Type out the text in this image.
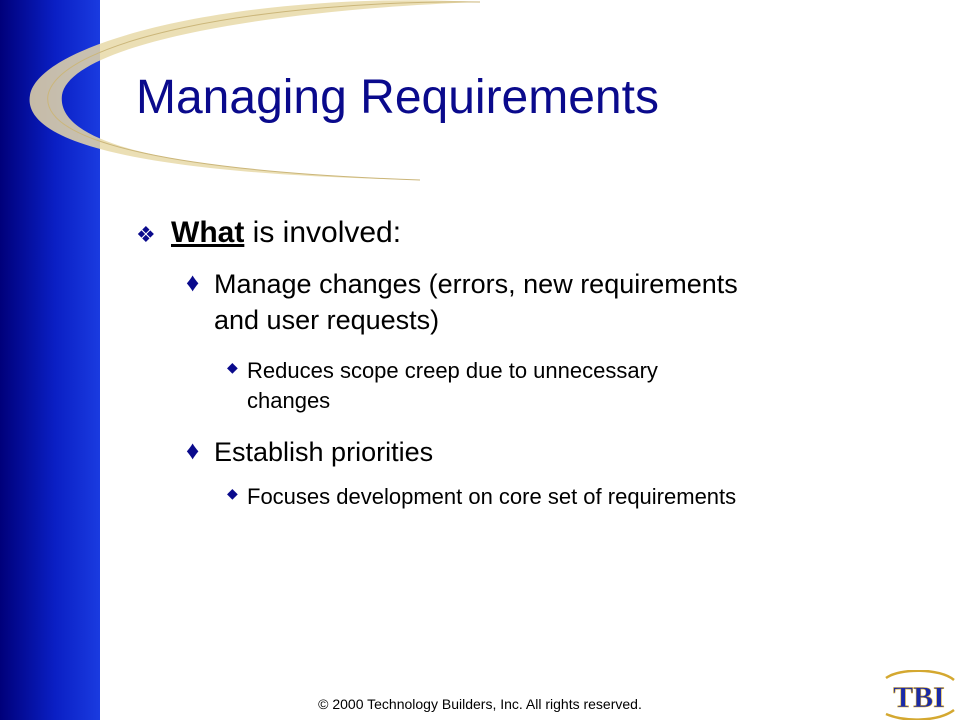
Managing Requirements
❖ What is involved:
♦ Manage changes (errors, new requirements
and user requests)
◆ Reduces scope creep due to unnecessary
changes
♦ Establish priorities
◆ Focuses development on core set of requirements
© 2000 Technology Builders, Inc. All rights reserved.	TBI
